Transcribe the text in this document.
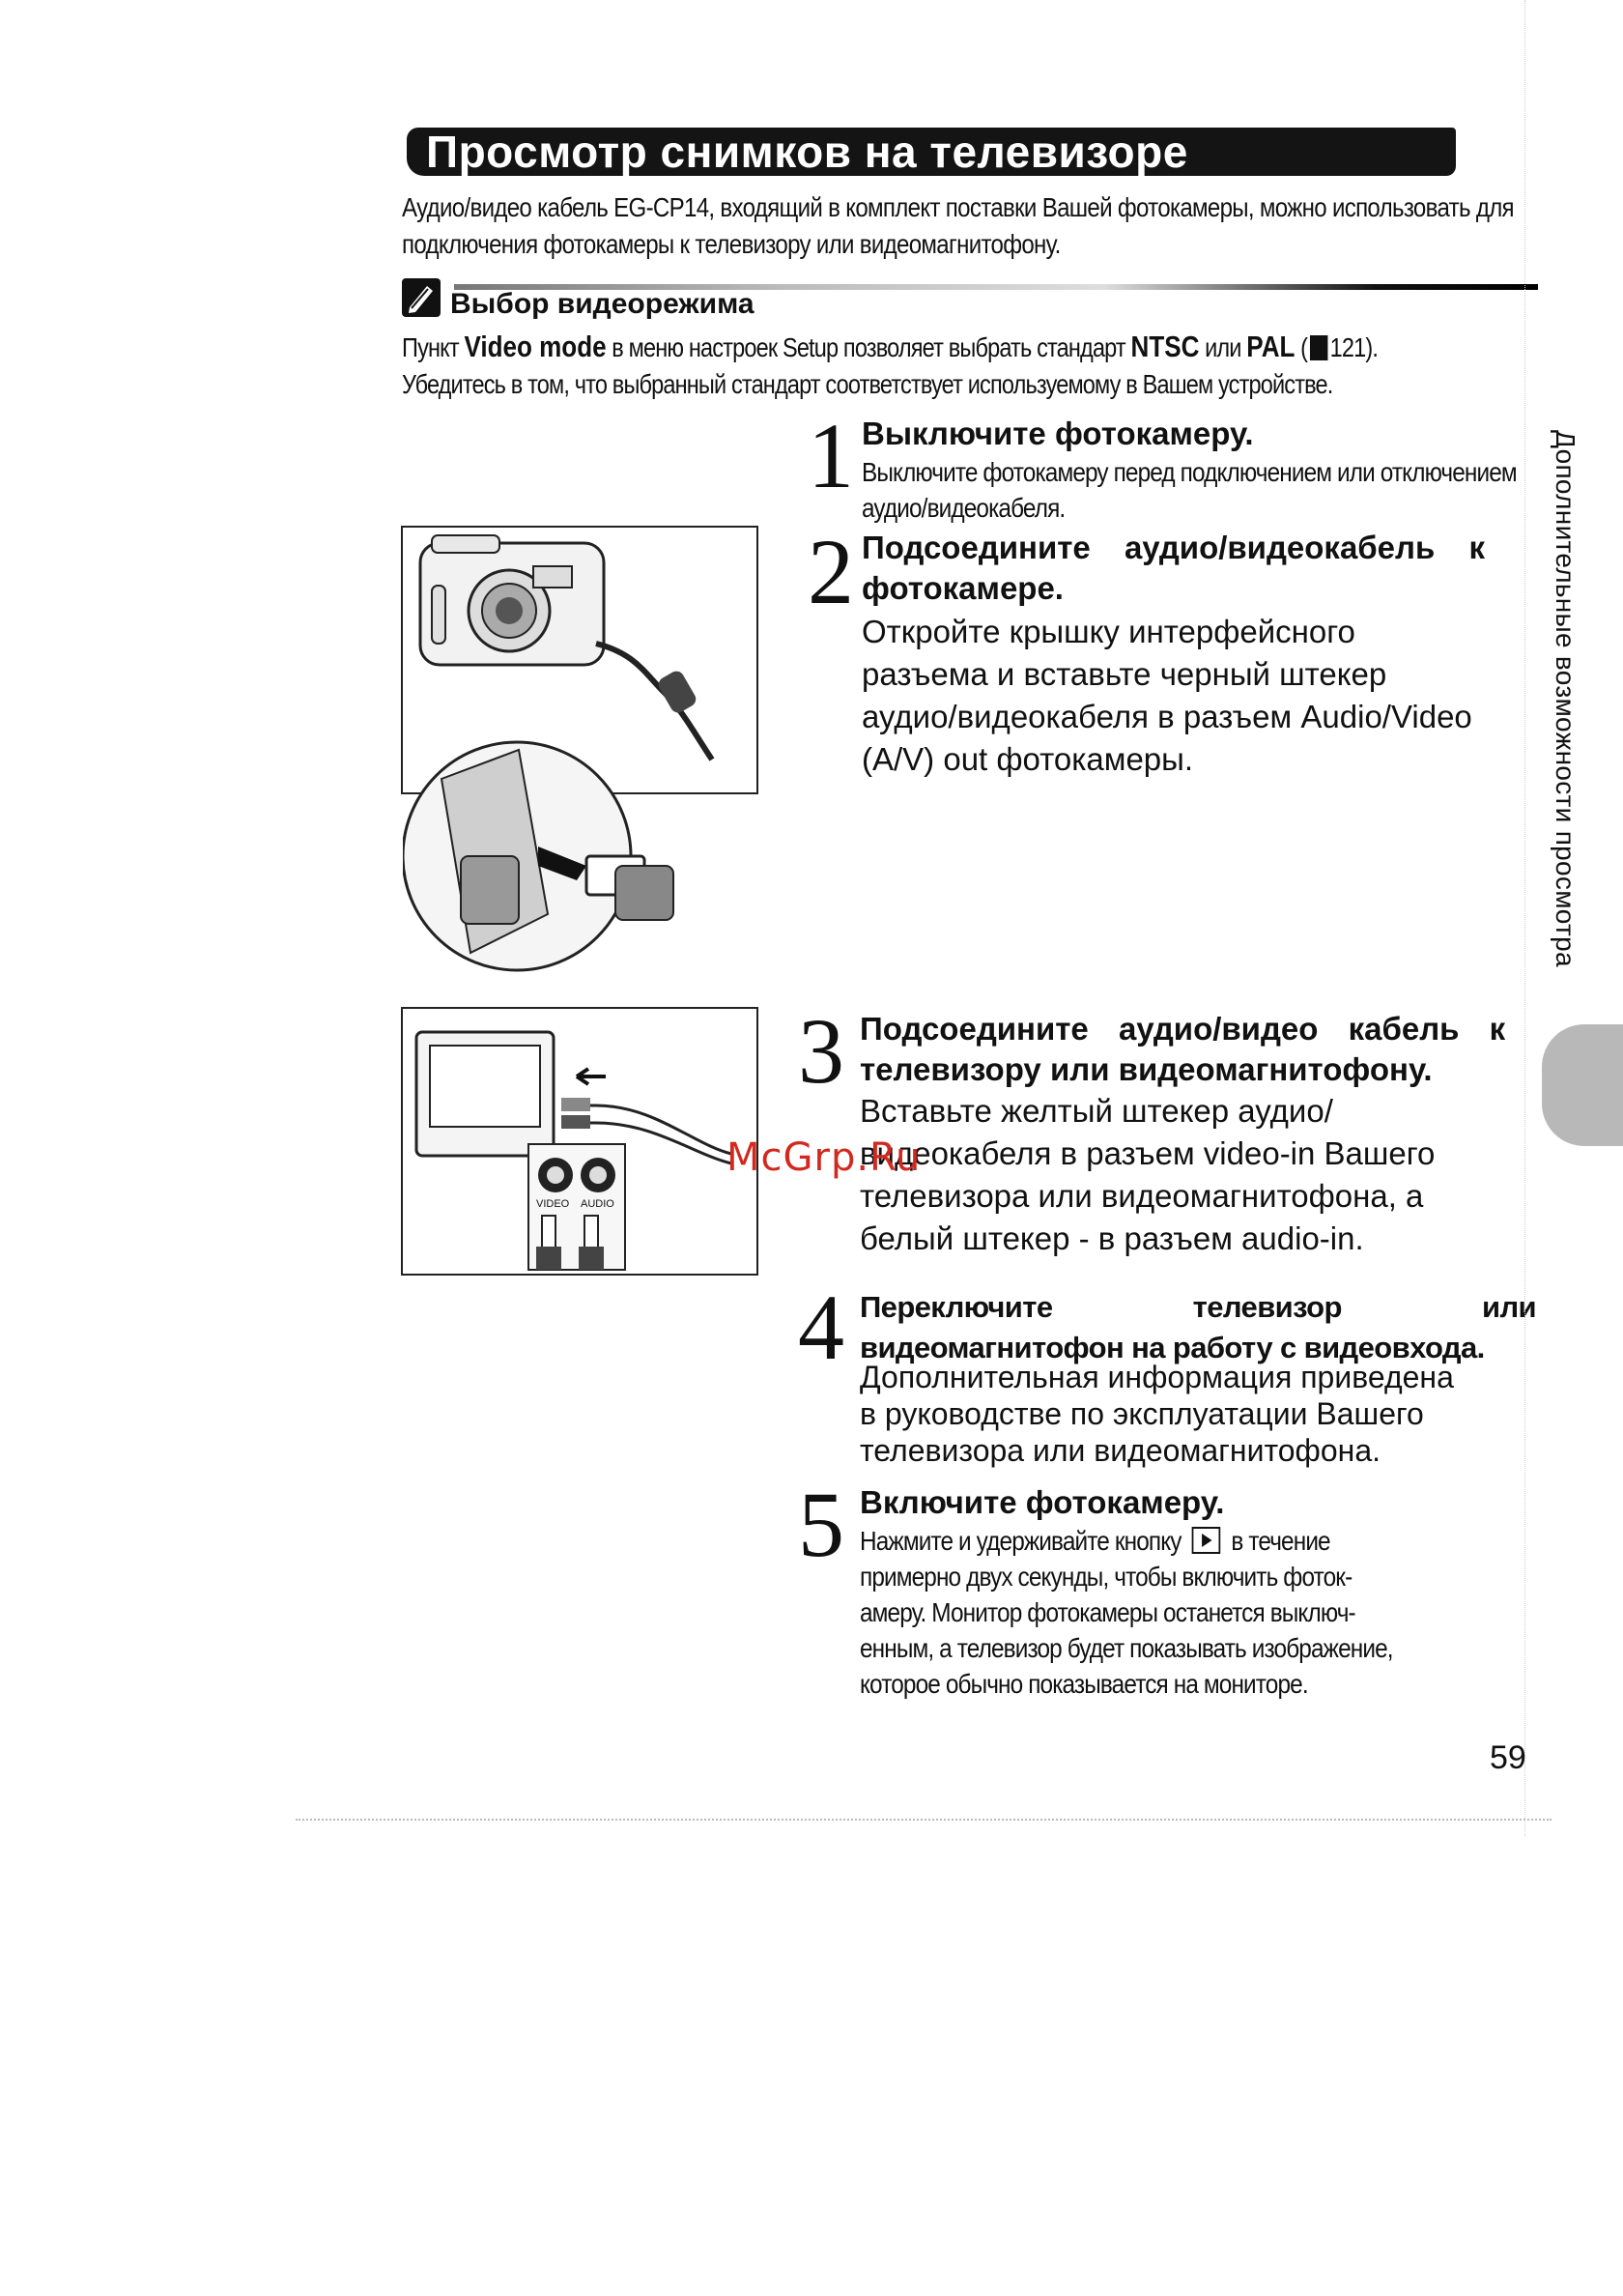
Просмотр снимков на телевизоре
Аудио/видео кабель EG-CP14, входящий в комплект поставки Вашей фотокамеры, можно использовать для подключения фотокамеры к телевизору или видеомагнитофону.
Выбор видеорежима
Пункт Video mode в меню настроек Setup позволяет выбрать стандарт NTSC или PAL ( 121).
Убедитесь в том, что выбранный стандарт соответствует используемому в Вашем устройстве.
1 Выключите фотокамеру.
Выключите фотокамеру перед подключением или отключением аудио/видеокабеля.
2 Подсоедините аудио/видеокабель к
фотокамере.
Откройте крышку интерфейсного
разъема и вставьте черный штекер
аудио/видеокабеля в разъем Audio/Video
(A/V) out фотокамеры.
VIDEO AUDIO
3 Подсоедините аудио/видео кабель к
телевизору или видеомагнитофону.
Вставьте желтый штекер аудио/
видеокабеля в разъем video-in Вашего
телевизора или видеомагнитофона, а
белый штекер - в разъем audio-in.
McGrp.Ru
4 Переключите	телевизор	или
видеомагнитофон на работу с видеовхода.
Дополнительная информация приведена
в руководстве по эксплуатации Вашего
телевизора или видеомагнитофона.
5 Включите фотокамеру.
Нажмите и удерживайте кнопку
в течение
примерно двух секунды, чтобы включить фоток-
амеру. Монитор фотокамеры останется выключ-
енным, а телевизор будет показывать изображение,
которое обычно показывается на мониторе.
Дополнительные возможности просмотра
59
